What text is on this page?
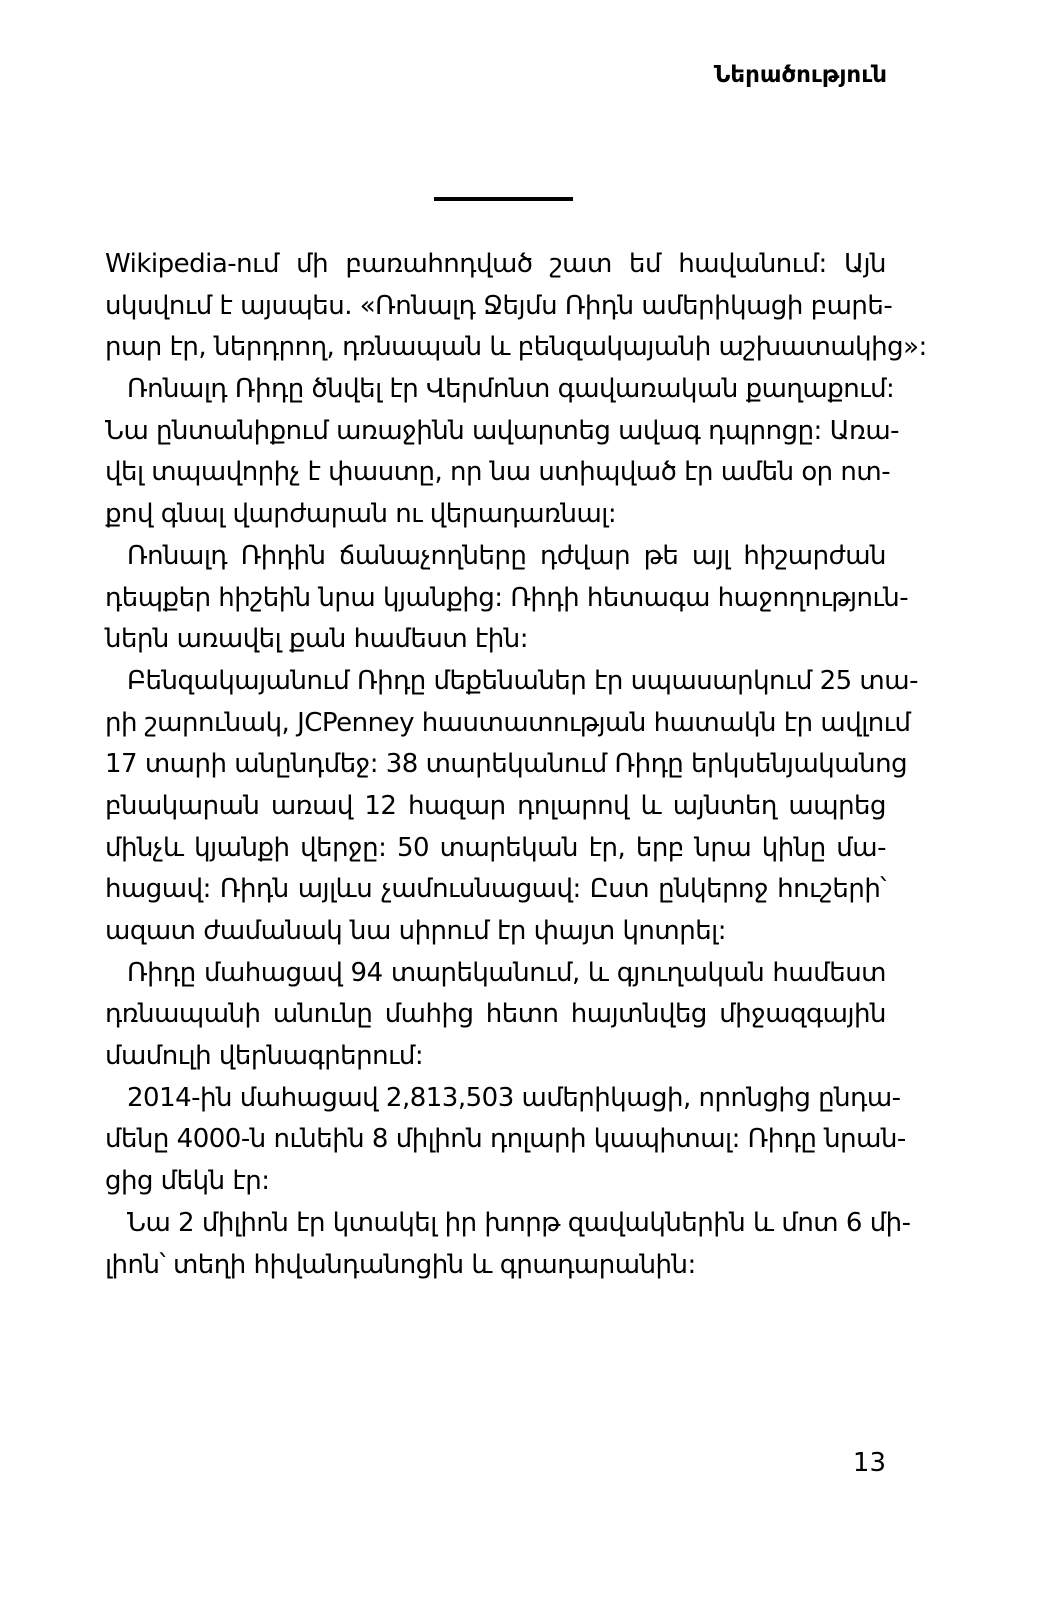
Ներածություն

Wikipedia-ում մի բառահոդված շատ եմ հավանում: Այն
սկսվում է այսպես. «Ռոնալդ Ջեյմս Ռիդն ամերիկացի բարե-
րար էր, ներդրող, դռնապան և բենզակայանի աշխատակից»:

Ռոնալդ Ռիդը ծնվել էր Վերմոնտ գավառական քաղաքում:
Նա ընտանիքում առաջինն ավարտեց ավագ դպրոցը: Առա-
վել տպավորիչ է փաստը, որ նա ստիպված էր ամեն օր ոտ-
քով գնալ վարժարան ու վերադառնալ:

Ռոնալդ Ռիդին ճանաչողները դժվար թե այլ հիշարժան
դեպքեր հիշեին նրա կյանքից: Ռիդի հետագա հաջողություն-
ներն առավել քան համեստ էին:

Բենզակայանում Ռիդը մեքենաներ էր սպասարկում 25 տա-
րի շարունակ, JCPenney հաստատության հատակն էր ավլում
17 տարի անընդմեջ: 38 տարեկանում Ռիդը երկսենյականոց
բնակարան առավ 12 հազար դոլարով և այնտեղ ապրեց
մինչև կյանքի վերջը: 50 տարեկան էր, երբ նրա կինը մա-
հացավ: Ռիդն այլևս չամուսնացավ: Ըստ ընկերոջ հուշերի՝
ազատ ժամանակ նա սիրում էր փայտ կոտրել:

Ռիդը մահացավ 94 տարեկանում, և գյուղական համեստ
դռնապանի անունը մահից հետո հայտնվեց միջազգային
մամուլի վերնագրերում:

2014-ին մահացավ 2,813,503 ամերիկացի, որոնցից ընդա-
մենը 4000-ն ունեին 8 միլիոն դոլարի կապիտալ: Ռիդը նրան-
ցից մեկն էր:

Նա 2 միլիոն էր կտակել իր խորթ զավակներին և մոտ 6 մի-
լիոն՝ տեղի հիվանդանոցին և գրադարանին:

13
